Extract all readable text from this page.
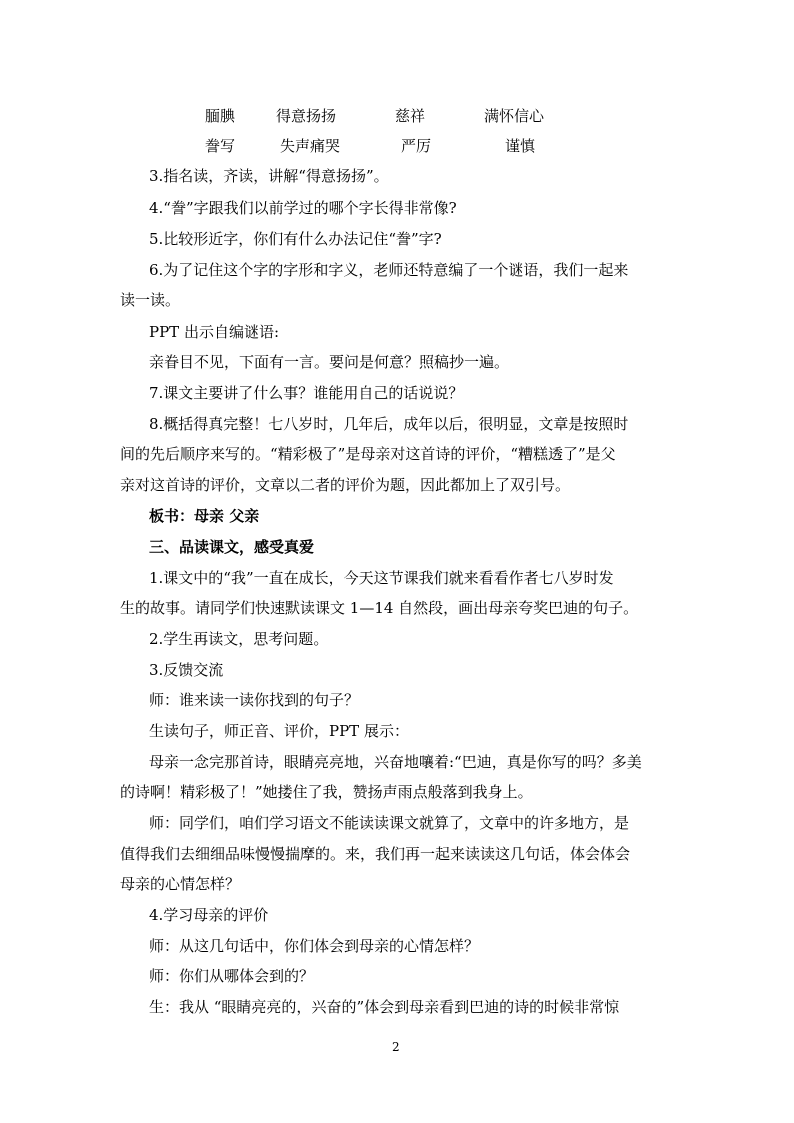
腼腆	得意扬扬	慈祥	满怀信心
誊写	失声痛哭	严厉	谨慎
3.指名读，齐读，讲解“得意扬扬”。
4.“誊”字跟我们以前学过的哪个字长得非常像?
5.比较形近字，你们有什么办法记住“誊”字?
6.为了记住这个字的字形和字义，老师还特意编了一个谜语，我们一起来
读一读。
PPT 出示自编谜语:
亲眷目不见，下面有一言。要问是何意？照稿抄一遍。
7.课文主要讲了什么事？谁能用自己的话说说？
8.概括得真完整！七八岁时，几年后，成年以后，很明显，文章是按照时
间的先后顺序来写的。“精彩极了”是母亲对这首诗的评价，“糟糕透了”是父
亲对这首诗的评价，文章以二者的评价为题，因此都加上了双引号。
板书：母亲 父亲
三、品读课文，感受真爱
1.课文中的“我”一直在成长，今天这节课我们就来看看作者七八岁时发
生的故事。请同学们快速默读课文 1—14 自然段，画出母亲夸奖巴迪的句子。
2.学生再读文，思考问题。
3.反馈交流
师：谁来读一读你找到的句子？
生读句子，师正音、评价，PPT 展示：
母亲一念完那首诗，眼睛亮亮地，兴奋地嚷着:“巴迪，真是你写的吗？多美
的诗啊！精彩极了！”她搂住了我，赞扬声雨点般落到我身上。
师：同学们，咱们学习语文不能读读课文就算了，文章中的许多地方，是
值得我们去细细品味慢慢揣摩的。来，我们再一起来读读这几句话，体会体会
母亲的心情怎样？
4.学习母亲的评价
师：从这几句话中，你们体会到母亲的心情怎样？
师：你们从哪体会到的？
生：我从 “眼睛亮亮的，兴奋的”体会到母亲看到巴迪的诗的时候非常惊
2
